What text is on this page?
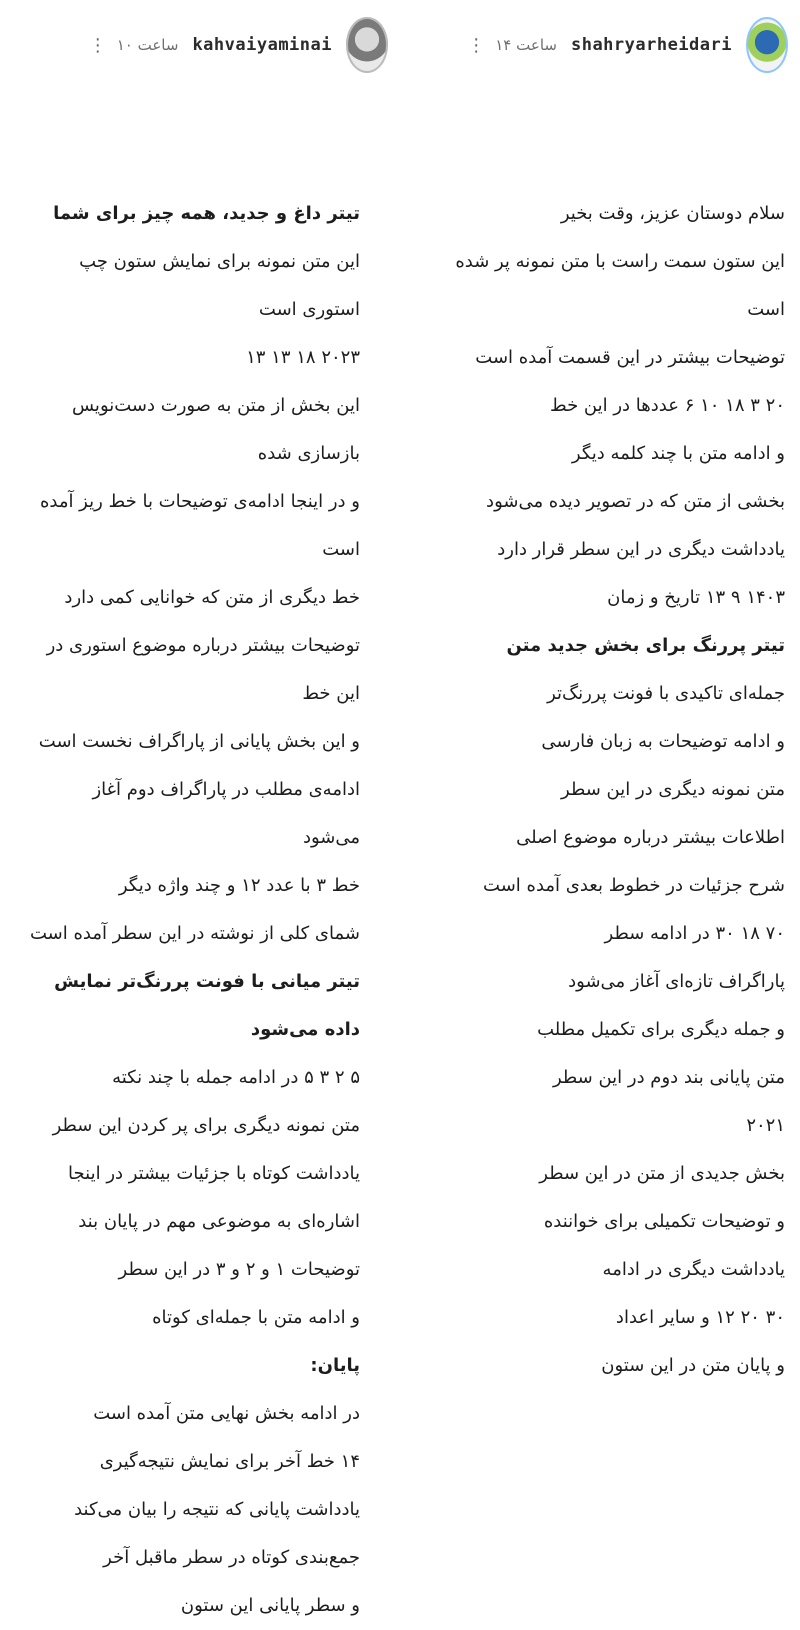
kahvaiyaminai
۱۰ ساعت
⋮	shahryarheidari
۱۴ ساعت
⋮
تیتر داغ و جدید، همه چیز برای شما
این متن نمونه برای نمایش ستون چپ استوری است
۲۰۲۳ ۱۸ ۱۳ ۱۳
این بخش از متن به صورت دست‌نویس بازسازی شده
و در اینجا ادامه‌ی توضیحات با خط ریز آمده است
خط دیگری از متن که خوانایی کمی دارد
توضیحات بیشتر درباره موضوع استوری در این خط
و این بخش پایانی از پاراگراف نخست است
ادامه‌ی مطلب در پاراگراف دوم آغاز می‌شود
خط ۳ با عدد ۱۲ و چند واژه دیگر
شمای کلی از نوشته در این سطر آمده است
تیتر میانی با فونت پررنگ‌تر نمایش داده می‌شود
۵ ۲ ۳ ۵ در ادامه جمله با چند نکته
متن نمونه دیگری برای پر کردن این سطر
یادداشت کوتاه با جزئیات بیشتر در اینجا
اشاره‌ای به موضوعی مهم در پایان بند
توضیحات ۱ و ۲ و ۳ در این سطر
و ادامه متن با جمله‌ای کوتاه
پایان:
در ادامه بخش نهایی متن آمده است
۱۴ خط آخر برای نمایش نتیجه‌گیری
یادداشت پایانی که نتیجه را بیان می‌کند
جمع‌بندی کوتاه در سطر ماقبل آخر
و سطر پایانی این ستون
سلام دوستان عزیز، وقت بخیر
این ستون سمت راست با متن نمونه پر شده است
توضیحات بیشتر در این قسمت آمده است
۲۰ ۳ ۱۸ ۱۰ ۶ عددها در این خط
و ادامه متن با چند کلمه دیگر
بخشی از متن که در تصویر دیده می‌شود
یادداشت دیگری در این سطر قرار دارد
۱۴۰۳ ۹ ۱۳ تاریخ و زمان
تیتر پررنگ برای بخش جدید متن
جمله‌ای تاکیدی با فونت پررنگ‌تر
و ادامه توضیحات به زبان فارسی
متن نمونه دیگری در این سطر
اطلاعات بیشتر درباره موضوع اصلی
شرح جزئیات در خطوط بعدی آمده است
۷۰ ۱۸ ۳۰ در ادامه سطر
پاراگراف تازه‌ای آغاز می‌شود
و جمله دیگری برای تکمیل مطلب
متن پایانی بند دوم در این سطر
۲۰۲۱
بخش جدیدی از متن در این سطر
و توضیحات تکمیلی برای خواننده
یادداشت دیگری در ادامه
۳۰ ۲۰ ۱۲ و سایر اعداد
و پایان متن در این ستون
